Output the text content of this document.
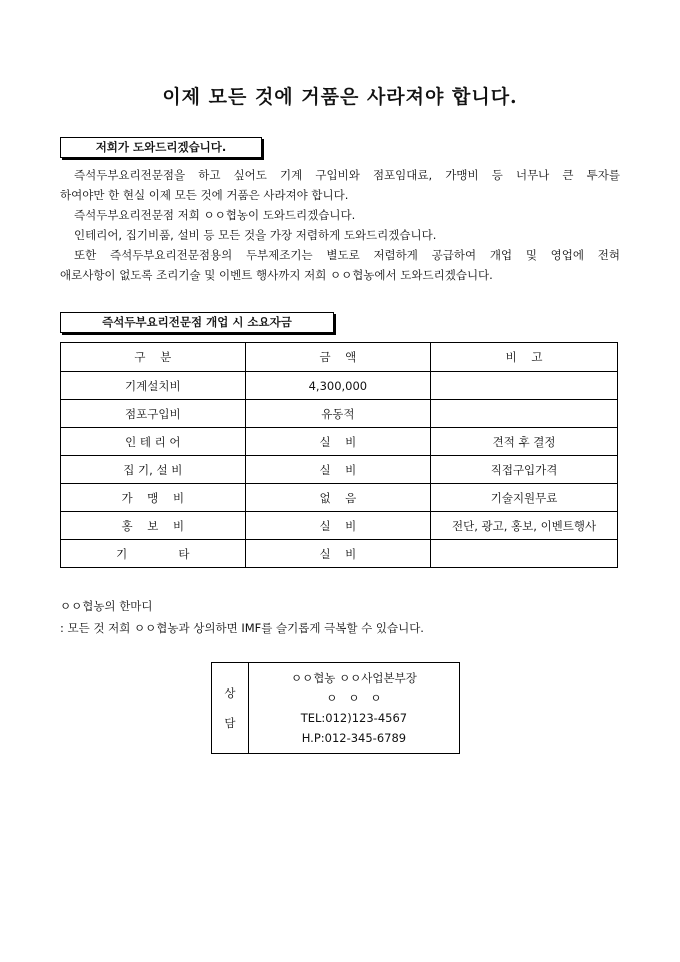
이제 모든 것에 거품은 사라져야 합니다.
저희가 도와드리겠습니다.
즉석두부요리전문점을 하고 싶어도 기계 구입비와 점포임대료, 가맹비 등 너무나 큰 투자를
하여야만 한 현실 이제 모든 것에 거품은 사라져야 합니다.
즉석두부요리전문점 저희 ㅇㅇ협농이 도와드리겠습니다.
인테리어, 집기비품, 설비 등 모든 것을 가장 저렴하게 도와드리겠습니다.
또한 즉석두부요리전문점용의 두부제조기는 별도로 저렴하게 공급하여 개업 및 영업에 전혀
애로사항이 없도록 조리기술 및 이벤트 행사까지 저희 ㅇㅇ협농에서 도와드리겠습니다.
즉석두부요리전문점 개업 시 소요자금
구    분	금    액	비    고
기계설치비	4,300,000	
점포구입비	유동적	
인 테 리 어	실    비	견적 후 결정
집 기, 설 비	실    비	직접구입가격
가    맹    비	없    음	기술지원무료
홍    보    비	실    비	전단, 광고, 홍보, 이벤트행사
기              타	실    비	
ㅇㅇ협농의 한마디
: 모든 것 저희 ㅇㅇ협농과 상의하면 IMF를 슬기롭게 극복할 수 있습니다.
상
담

ㅇㅇ협농 ㅇㅇ사업본부장
ㅇ   ㅇ   ㅇ
TEL:012)123-4567
H.P:012-345-6789
